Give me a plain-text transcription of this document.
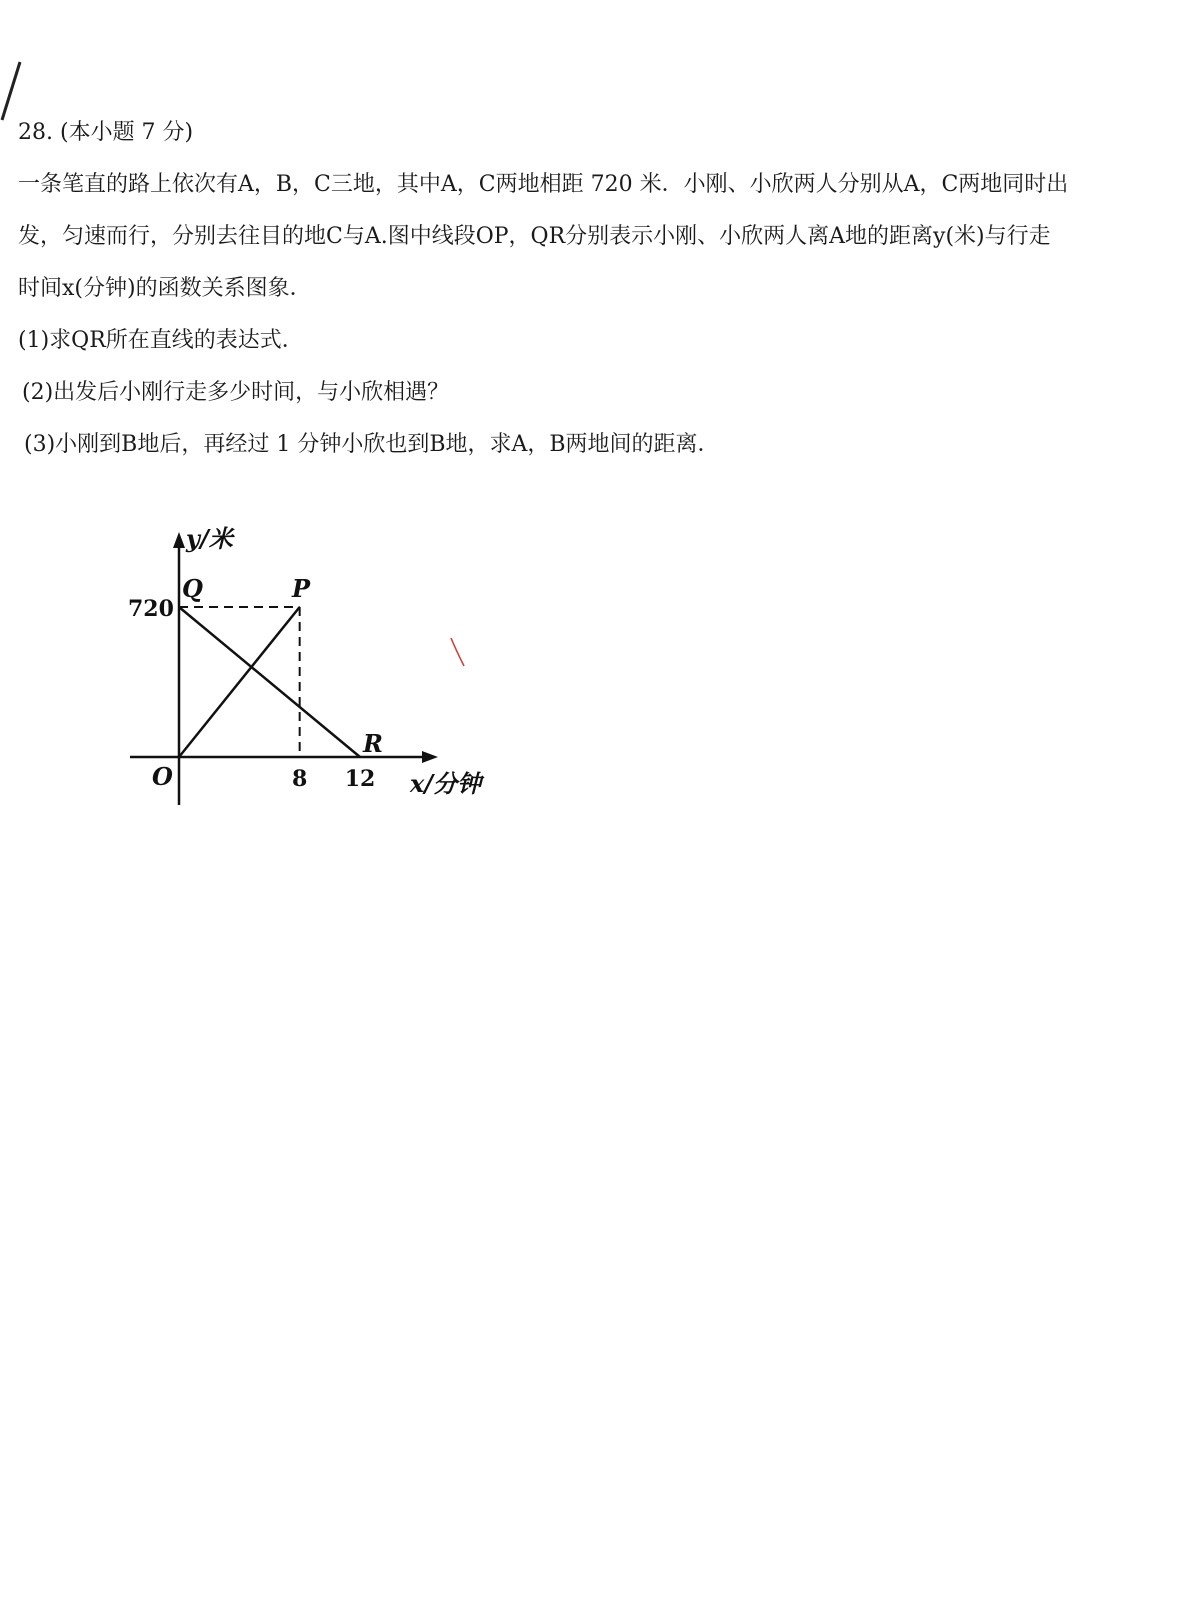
28. (本小题 7 分)

一条笔直的路上依次有A，B，C三地，其中A，C两地相距 720 米．小刚、小欣两人分别从A，C两地同时出

发，匀速而行，分别去往目的地C与A.图中线段OP，QR分别表示小刚、小欣两人离A地的距离y(米)与行走

时间x(分钟)的函数关系图象．

(1)求QR所在直线的表达式．

(2)出发后小刚行走多少时间，与小欣相遇？

(3)小刚到B地后，再经过 1 分钟小欣也到B地，求A，B两地间的距离．

y/米
x/分钟
O
720
8 12
Q	P
R
